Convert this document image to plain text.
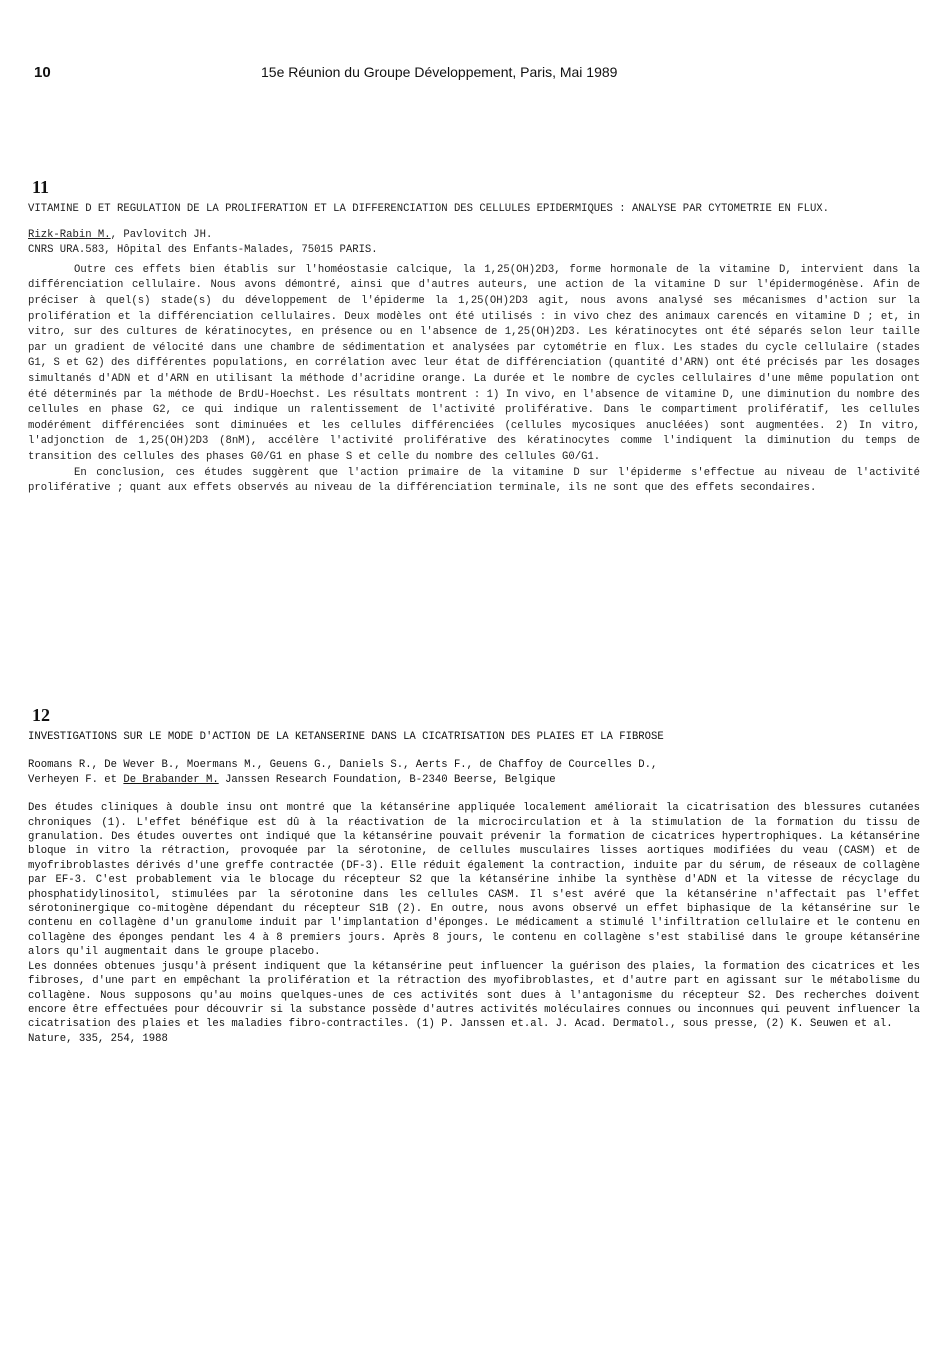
10	15e Réunion du Groupe Développement, Paris, Mai 1989
11

VITAMINE D ET REGULATION DE LA PROLIFERATION ET LA DIFFERENCIATION DES CELLULES EPIDERMIQUES : ANALYSE PAR CYTOMETRIE EN FLUX.

Rizk-Rabin M., Pavlovitch JH.

CNRS URA.583, Hôpital des Enfants-Malades, 75015 PARIS.

Outre ces effets bien établis sur l'homéostasie calcique, la 1,25(OH)2D3, forme hormonale de la vitamine D, intervient dans la différenciation cellulaire. Nous avons démontré, ainsi que d'autres auteurs, une action de la vitamine D sur l'épidermogénèse. Afin de préciser à quel(s) stade(s) du développement de l'épiderme la 1,25(OH)2D3 agit, nous avons analysé ses mécanismes d'action sur la prolifération et la différenciation cellulaires. Deux modèles ont été utilisés : in vivo chez des animaux carencés en vitamine D ; et, in vitro, sur des cultures de kératinocytes, en présence ou en l'absence de 1,25(OH)2D3. Les kératinocytes ont été séparés selon leur taille par un gradient de vélocité dans une chambre de sédimentation et analysées par cytométrie en flux. Les stades du cycle cellulaire (stades G1, S et G2) des différentes populations, en corrélation avec leur état de différenciation (quantité d'ARN) ont été précisés par les dosages simultanés d'ADN et d'ARN en utilisant la méthode d'acridine orange. La durée et le nombre de cycles cellulaires d'une même population ont été déterminés par la méthode de BrdU-Hoechst. Les résultats montrent : 1) In vivo, en l'absence de vitamine D, une diminution du nombre des cellules en phase G2, ce qui indique un ralentissement de l'activité proliférative. Dans le compartiment prolifératif, les cellules modérément différenciées sont diminuées et les cellules différenciées (cellules mycosiques anucléées) sont augmentées. 2) In vitro, l'adjonction de 1,25(OH)2D3 (8nM), accélère l'activité proliférative des kératinocytes comme l'indiquent la diminution du temps de transition des cellules des phases G0/G1 en phase S et celle du nombre des cellules G0/G1.

En conclusion, ces études suggèrent que l'action primaire de la vitamine D sur l'épiderme s'effectue au niveau de l'activité proliférative ; quant aux effets observés au niveau de la différenciation terminale, ils ne sont que des effets secondaires.

12

INVESTIGATIONS SUR LE MODE D'ACTION DE LA KETANSERINE DANS LA CICATRISATION DES PLAIES ET LA FIBROSE

Roomans R., De Wever B., Moermans M., Geuens G., Daniels S., Aerts F., de Chaffoy de Courcelles D.,
Verheyen F. et De Brabander M. Janssen Research Foundation, B-2340 Beerse, Belgique

Des études cliniques à double insu ont montré que la kétansérine appliquée localement améliorait la cicatrisation des blessures cutanées chroniques (1). L'effet bénéfique est dû à la réactivation de la microcirculation et à la stimulation de la formation du tissu de granulation. Des études ouvertes ont indiqué que la kétansérine pouvait prévenir la formation de cicatrices hypertrophiques. La kétansérine bloque in vitro la rétraction, provoquée par la sérotonine, de cellules musculaires lisses aortiques modifiées du veau (CASM) et de myofribroblastes dérivés d'une greffe contractée (DF-3). Elle réduit également la contraction, induite par du sérum, de réseaux de collagène par EF-3. C'est probablement via le blocage du récepteur S2 que la kétansérine inhibe la synthèse d'ADN et la vitesse de récyclage du phosphatidylinositol, stimulées par la sérotonine dans les cellules CASM. Il s'est avéré que la kétansérine n'affectait pas l'effet sérotoninergique co-mitogène dépendant du récepteur S1B (2). En outre, nous avons observé un effet biphasique de la kétansérine sur le contenu en collagène d'un granulome induit par l'implantation d'éponges. Le médicament a stimulé l'infiltration cellulaire et le contenu en collagène des éponges pendant les 4 à 8 premiers jours. Après 8 jours, le contenu en collagène s'est stabilisé dans le groupe kétansérine alors qu'il augmentait dans le groupe placebo.

Les données obtenues jusqu'à présent indiquent que la kétansérine peut influencer la guérison des plaies, la formation des cicatrices et les fibroses, d'une part en empêchant la prolifération et la rétraction des myofibroblastes, et d'autre part en agissant sur le métabolisme du collagène. Nous supposons qu'au moins quelques-unes de ces activités sont dues à l'antagonisme du récepteur S2. Des recherches doivent encore être effectuées pour découvrir si la substance possède d'autres activités moléculaires connues ou inconnues qui peuvent influencer la cicatrisation des plaies et les maladies fibro-contractiles. (1) P. Janssen et.al. J. Acad. Dermatol., sous presse, (2) K. Seuwen et al.
Nature, 335, 254, 1988
